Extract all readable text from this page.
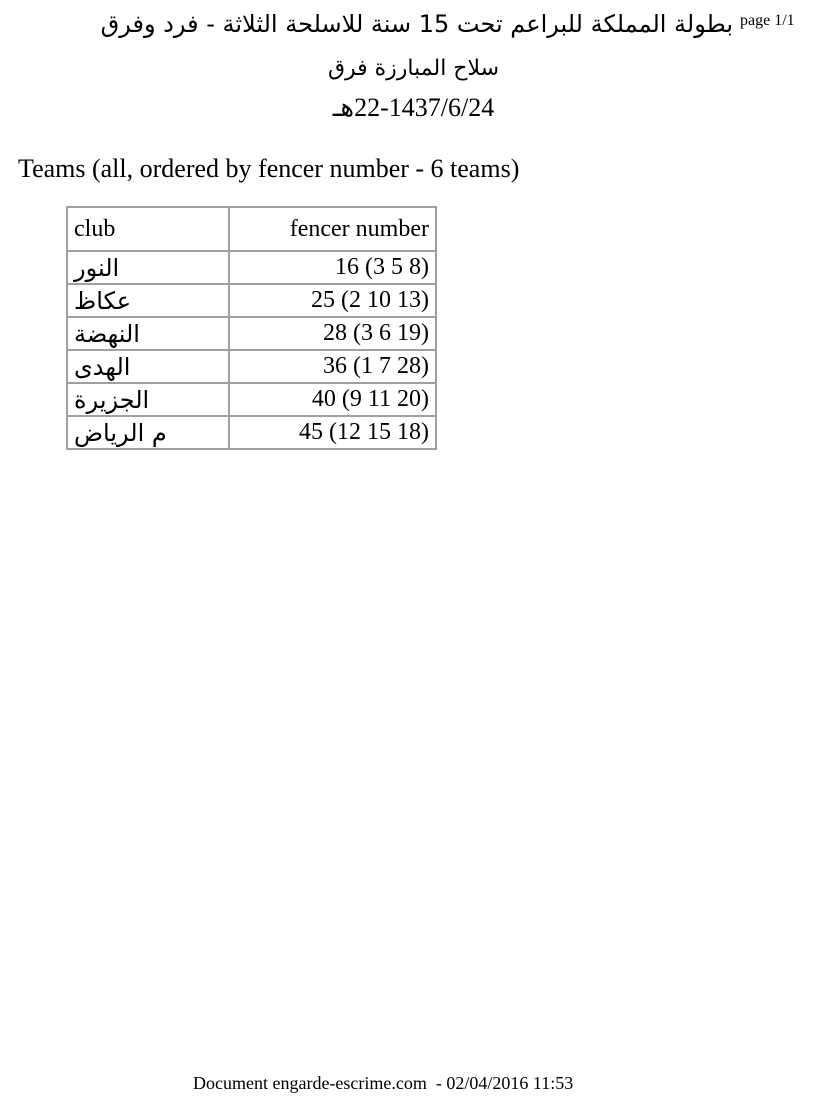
page 1/1
بطولة المملكة للبراعم تحت 15 سنة للاسلحة الثلاثة - فرد وفرق
سلاح المبارزة فرق
22-1437/6/24هـ
Teams (all, ordered by fencer number - 6 teams)
club	fencer number
النور	16 (3 5 8)
عكاظ	25 (2 10 13)
النهضة	28 (3 6 19)
الهدى	36 (1 7 28)
الجزيرة	40 (9 11 20)
م الرياض	45 (12 15 18)
Document engarde-escrime.com  - 02/04/2016 11:53
